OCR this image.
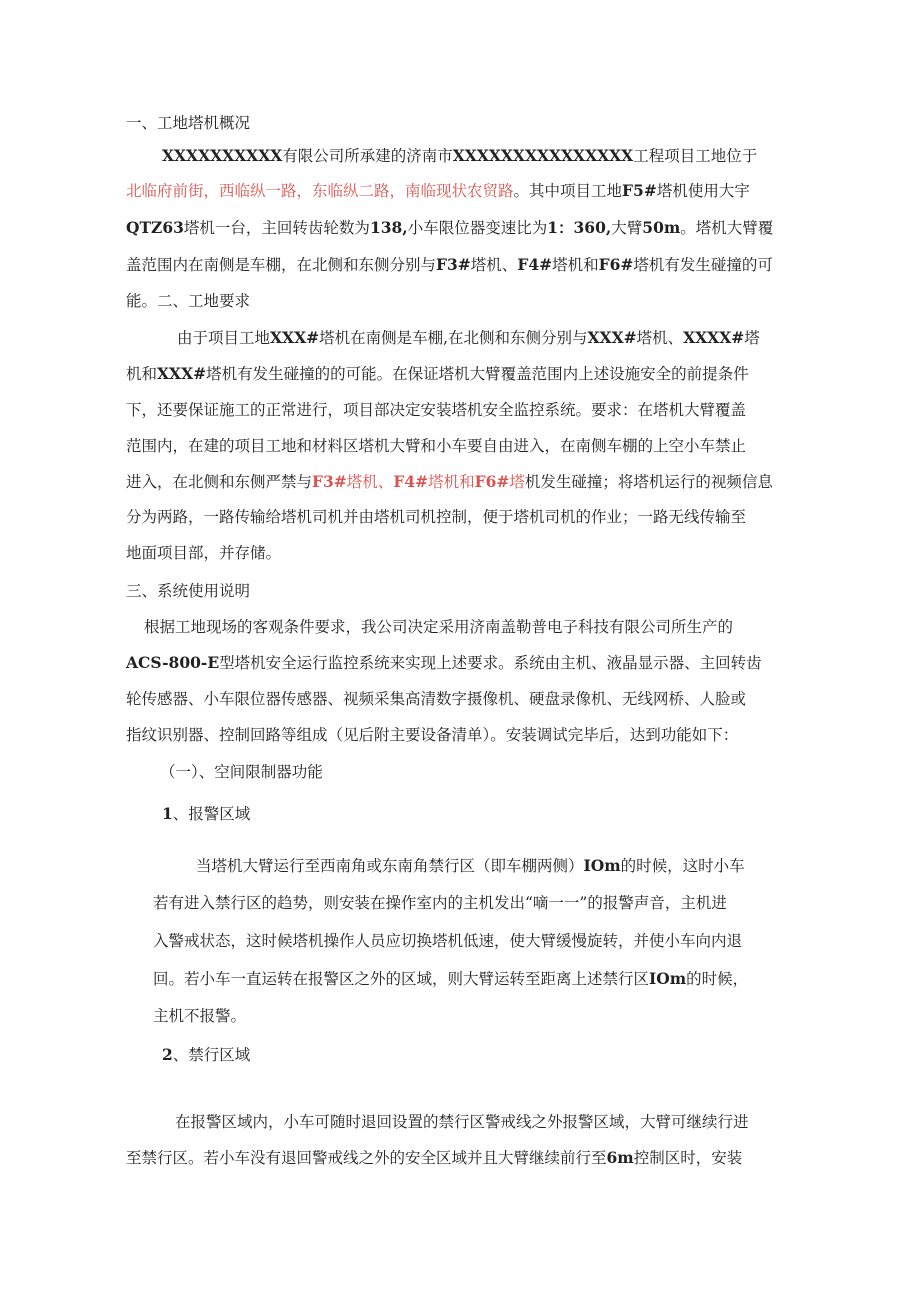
一、工地塔机概况
XXXXXXXXXX有限公司所承建的济南市XXXXXXXXXXXXXXX工程项目工地位于
北临府前街，西临纵一路，东临纵二路，南临现状农贸路。其中项目工地F5#塔机使用大宇
QTZ63塔机一台，主回转齿轮数为138,小车限位器变速比为1：360,大臂50m。塔机大臂覆
盖范围内在南侧是车棚，在北侧和东侧分别与F3#塔机、F4#塔机和F6#塔机有发生碰撞的可
能。二、工地要求
由于项目工地XXX#塔机在南侧是车棚,在北侧和东侧分别与XXX#塔机、XXXX#塔
机和XXX#塔机有发生碰撞的的可能。在保证塔机大臂覆盖范围内上述设施安全的前提条件
下，还要保证施工的正常进行，项目部决定安装塔机安全监控系统。要求：在塔机大臂覆盖
范围内，在建的项目工地和材料区塔机大臂和小车要自由进入，在南侧车棚的上空小车禁止
进入，在北侧和东侧严禁与F3#塔机、F4#塔机和F6#塔机发生碰撞；将塔机运行的视频信息
分为两路，一路传输给塔机司机并由塔机司机控制，便于塔机司机的作业；一路无线传输至
地面项目部，并存储。
三、系统使用说明
根据工地现场的客观条件要求，我公司决定采用济南盖勒普电子科技有限公司所生产的
ACS-800-E型塔机安全运行监控系统来实现上述要求。系统由主机、液晶显示器、主回转齿
轮传感器、小车限位器传感器、视频采集高清数字摄像机、硬盘录像机、无线网桥、人脸或
指纹识别器、控制回路等组成（见后附主要设备清单）。安装调试完毕后，达到功能如下：
（一）、空间限制器功能
1、报警区域
当塔机大臂运行至西南角或东南角禁行区（即车棚两侧）IOm的时候，这时小车
若有进入禁行区的趋势，则安装在操作室内的主机发出“嘀一一”的报警声音，主机进
入警戒状态，这时候塔机操作人员应切换塔机低速，使大臂缓慢旋转，并使小车向内退
回。若小车一直运转在报警区之外的区域，则大臂运转至距离上述禁行区IOm的时候，
主机不报警。
2、禁行区域
在报警区域内，小车可随时退回设置的禁行区警戒线之外报警区域，大臂可继续行进
至禁行区。若小车没有退回警戒线之外的安全区域并且大臂继续前行至6m控制区时，安装
